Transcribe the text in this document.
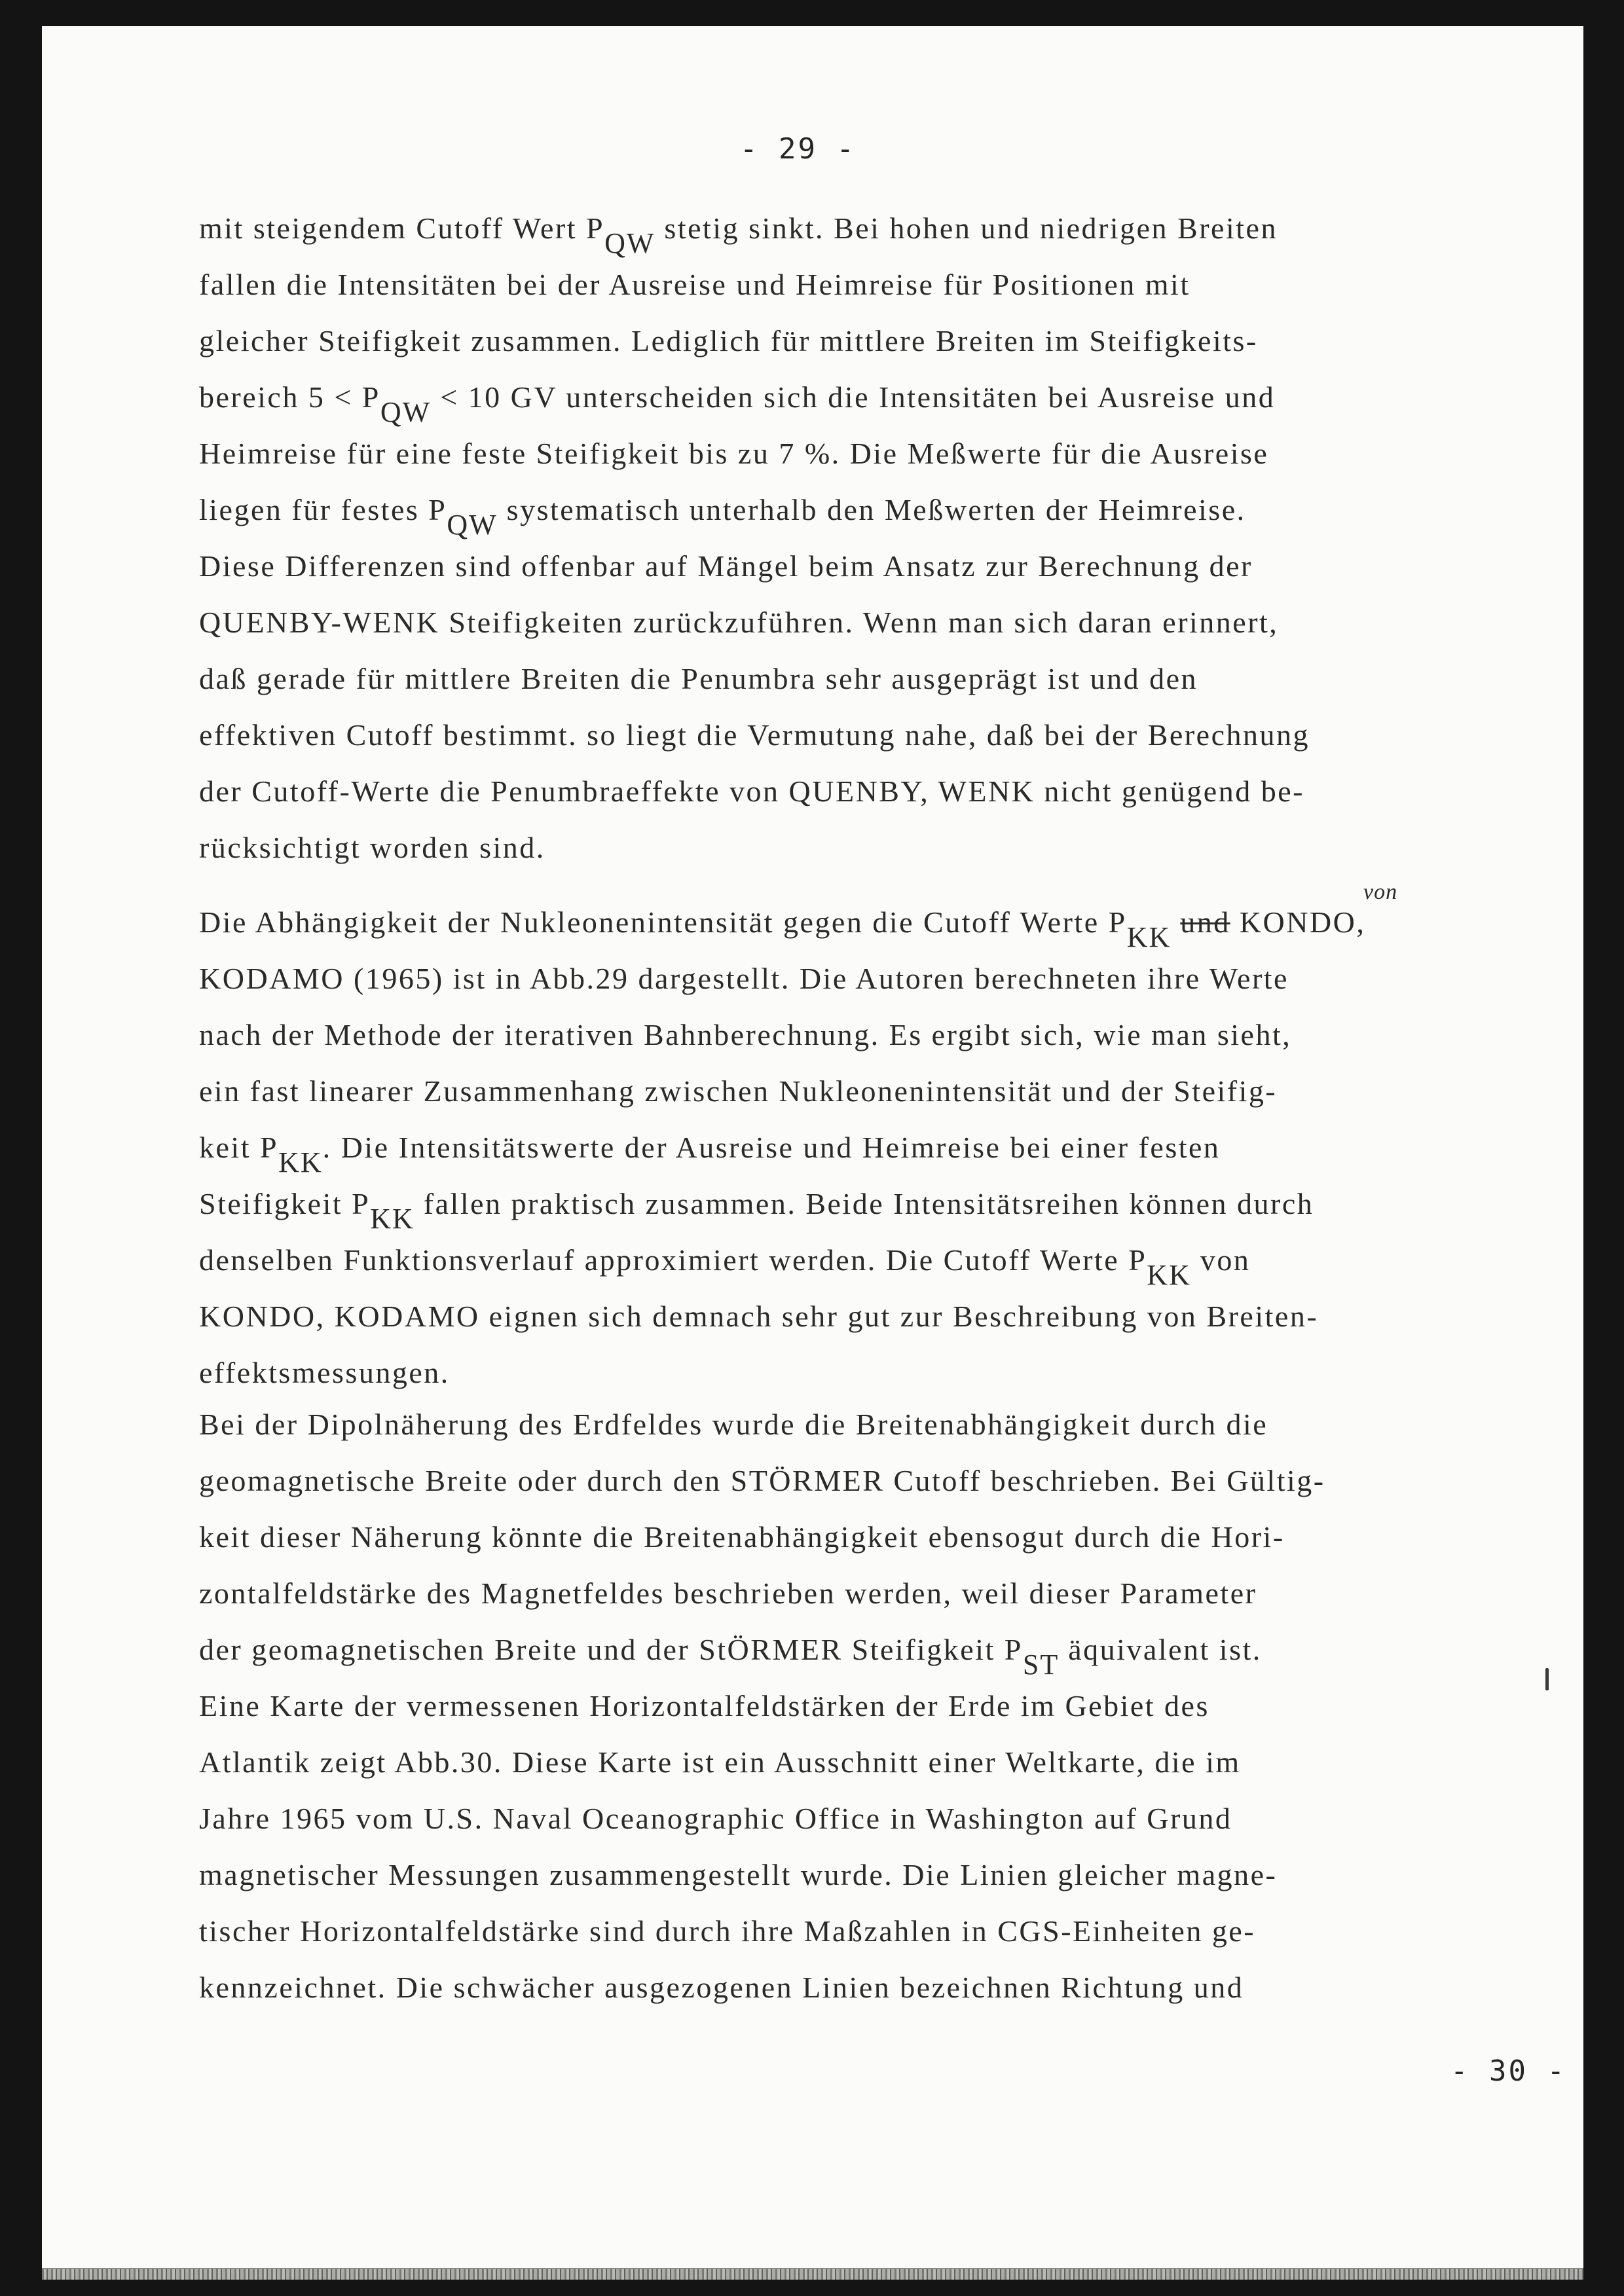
- 29 -
mit steigendem Cutoff Wert PQW stetig sinkt. Bei hohen und niedrigen Breiten
fallen die Intensitäten bei der Ausreise und Heimreise für Positionen mit
gleicher Steifigkeit zusammen. Lediglich für mittlere Breiten im Steifigkeits-
bereich 5 < PQW < 10 GV unterscheiden sich die Intensitäten bei Ausreise und
Heimreise für eine feste Steifigkeit bis zu 7 %. Die Meßwerte für die Ausreise
liegen für festes PQW systematisch unterhalb den Meßwerten der Heimreise.
Diese Differenzen sind offenbar auf Mängel beim Ansatz zur Berechnung der
QUENBY-WENK Steifigkeiten zurückzuführen. Wenn man sich daran erinnert,
daß gerade für mittlere Breiten die Penumbra sehr ausgeprägt ist und den
effektiven Cutoff bestimmt. so liegt die Vermutung nahe, daß bei der Berechnung
der Cutoff-Werte die Penumbraeffekte von QUENBY, WENK nicht genügend be-
rücksichtigt worden sind.
von
Die Abhängigkeit der Nukleonenintensität gegen die Cutoff Werte PKK und KONDO,
KODAMO (1965) ist in Abb.29 dargestellt. Die Autoren berechneten ihre Werte
nach der Methode der iterativen Bahnberechnung. Es ergibt sich, wie man sieht,
ein fast linearer Zusammenhang zwischen Nukleonenintensität und der Steifig-
keit PKK. Die Intensitätswerte der Ausreise und Heimreise bei einer festen
Steifigkeit PKK fallen praktisch zusammen. Beide Intensitätsreihen können durch
denselben Funktionsverlauf approximiert werden. Die Cutoff Werte PKK von
KONDO, KODAMO eignen sich demnach sehr gut zur Beschreibung von Breiten-
effektsmessungen.
Bei der Dipolnäherung des Erdfeldes wurde die Breitenabhängigkeit durch die
geomagnetische Breite oder durch den STÖRMER Cutoff beschrieben. Bei Gültig-
keit dieser Näherung könnte die Breitenabhängigkeit ebensogut durch die Hori-
zontalfeldstärke des Magnetfeldes beschrieben werden, weil dieser Parameter
der geomagnetischen Breite und der StÖRMER Steifigkeit PST äquivalent ist.
Eine Karte der vermessenen Horizontalfeldstärken der Erde im Gebiet des
Atlantik zeigt Abb.30. Diese Karte ist ein Ausschnitt einer Weltkarte, die im
Jahre 1965 vom U.S. Naval Oceanographic Office in Washington auf Grund
magnetischer Messungen zusammengestellt wurde. Die Linien gleicher magne-
tischer Horizontalfeldstärke sind durch ihre Maßzahlen in CGS-Einheiten ge-
kennzeichnet. Die schwächer ausgezogenen Linien bezeichnen Richtung und
- 30 -
